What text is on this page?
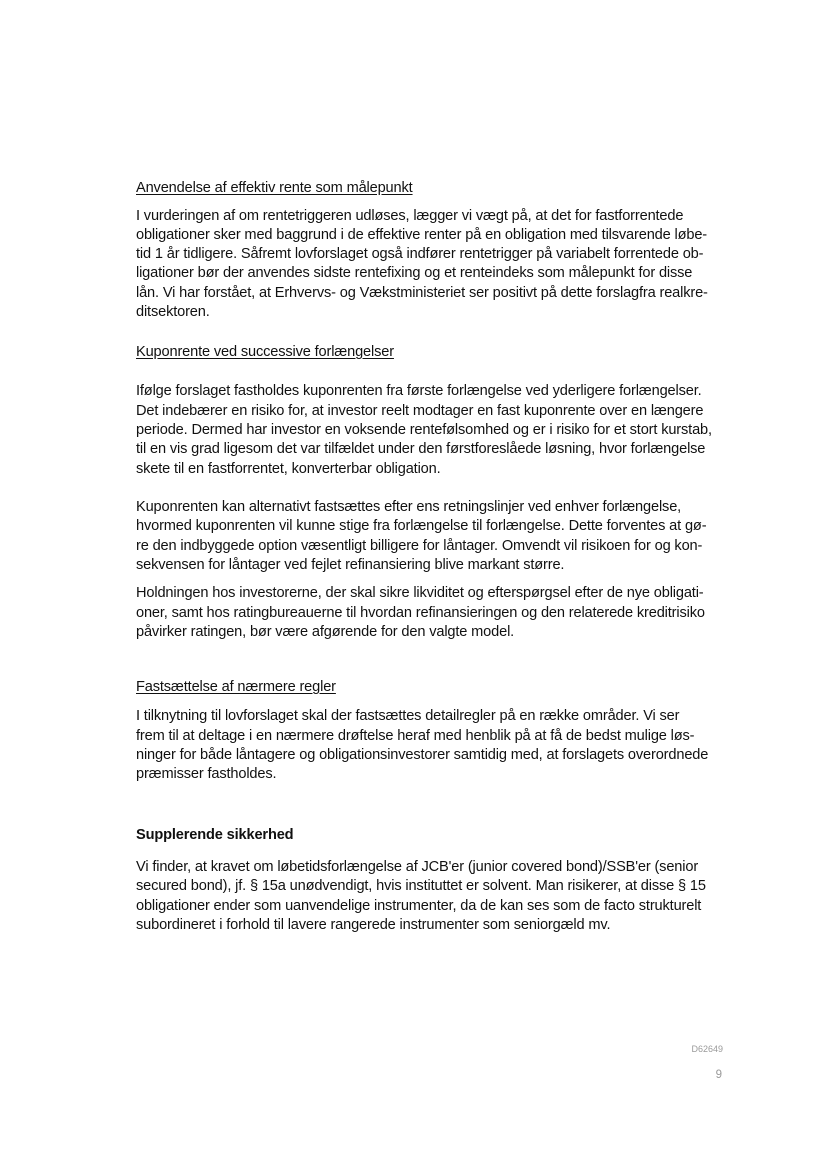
Anvendelse af effektiv rente som målepunkt
I vurderingen af om rentetriggeren udløses, lægger vi vægt på, at det for fastforrentede
obligationer sker med baggrund i de effektive renter på en obligation med tilsvarende løbe-
tid 1 år tidligere. Såfremt lovforslaget også indfører rentetrigger på variabelt forrentede ob-
ligationer bør der anvendes sidste rentefixing og et renteindeks som målepunkt for disse
lån. Vi har forstået, at Erhvervs- og Vækstministeriet ser positivt på dette forslagfra realkre-
ditsektoren.
Kuponrente ved successive forlængelser
Ifølge forslaget fastholdes kuponrenten fra første forlængelse ved yderligere forlængelser.
Det indebærer en risiko for, at investor reelt modtager en fast kuponrente over en længere
periode. Dermed har investor en voksende rentefølsomhed og er i risiko for et stort kurstab,
til en vis grad ligesom det var tilfældet under den førstforeslåede løsning, hvor forlængelse
skete til en fastforrentet, konverterbar obligation.
Kuponrenten kan alternativt fastsættes efter ens retningslinjer ved enhver forlængelse,
hvormed kuponrenten vil kunne stige fra forlængelse til forlængelse. Dette forventes at gø-
re den indbyggede option væsentligt billigere for låntager. Omvendt vil risikoen for og kon-
sekvensen for låntager ved fejlet refinansiering blive markant større.
Holdningen hos investorerne, der skal sikre likviditet og efterspørgsel efter de nye obligati-
oner, samt hos ratingbureauerne til hvordan refinansieringen og den relaterede kreditrisiko
påvirker ratingen, bør være afgørende for den valgte model.
Fastsættelse af nærmere regler
I tilknytning til lovforslaget skal der fastsættes detailregler på en række områder. Vi ser
frem til at deltage i en nærmere drøftelse heraf med henblik på at få de bedst mulige løs-
ninger for både låntagere og obligationsinvestorer samtidig med, at forslagets overordnede
præmisser fastholdes.
Supplerende sikkerhed
Vi finder, at kravet om løbetidsforlængelse af JCB'er (junior covered bond)/SSB'er (senior
secured bond), jf. § 15a unødvendigt, hvis instituttet er solvent. Man risikerer, at disse § 15
obligationer ender som uanvendelige instrumenter, da de kan ses som de facto strukturelt
subordineret i forhold til lavere rangerede instrumenter som seniorgæld mv.
D62649
9
